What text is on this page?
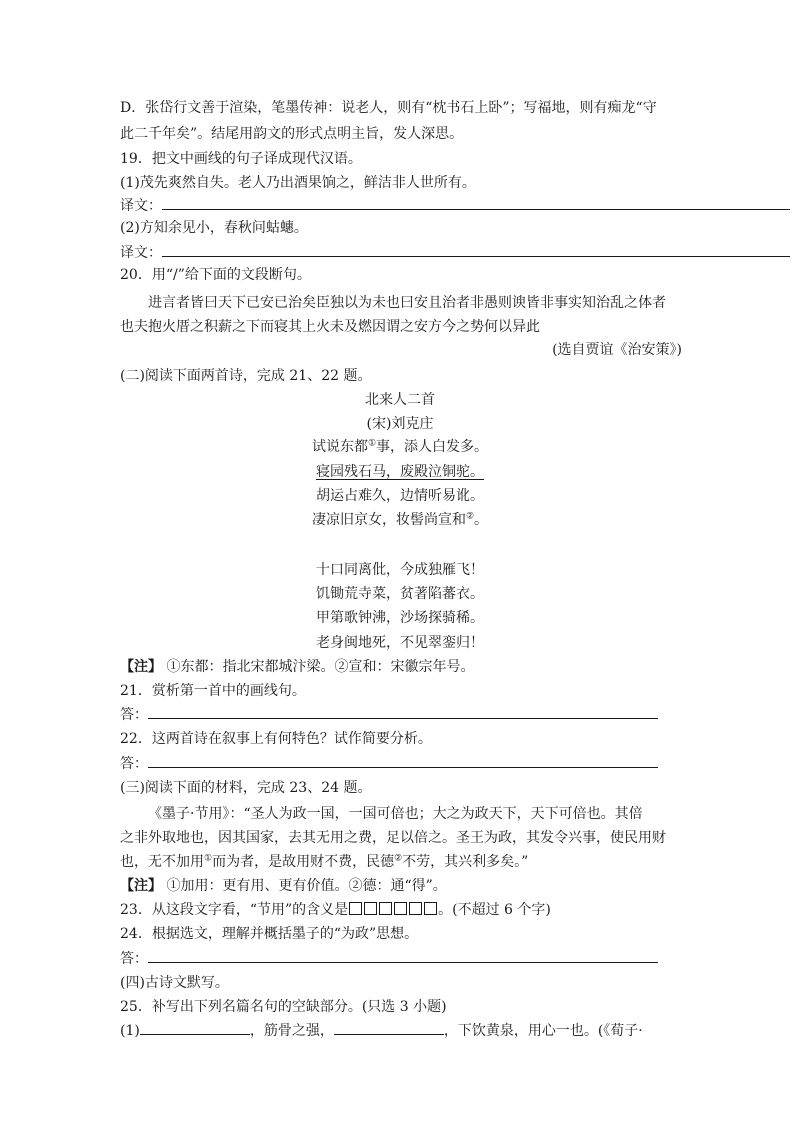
D．张岱行文善于渲染，笔墨传神：说老人，则有“枕书石上卧”；写福地，则有痴龙“守
此二千年矣”。结尾用韵文的形式点明主旨，发人深思。
19．把文中画线的句子译成现代汉语。
(1)茂先爽然自失。老人乃出酒果饷之，鲜洁非人世所有。
译文：
(2)方知余见小，春秋问蛄蟪。
译文：
20．用“/”给下面的文段断句。
进言者皆曰天下已安已治矣臣独以为未也曰安且治者非愚则谀皆非事实知治乱之体者
也夫抱火厝之积薪之下而寝其上火未及燃因谓之安方今之势何以异此
(选自贾谊《治安策》)
(二)阅读下面两首诗，完成 21、22 题。
北来人二首
(宋)刘克庄
试说东都①事，添人白发多。
寝园残石马，废殿泣铜驼。
胡运占难久，边情听易讹。
凄凉旧京女，妆髻尚宣和②。
十口同离仳，今成独雁飞！
饥锄荒寺菜，贫著陷蕃衣。
甲第歌钟沸，沙场探骑稀。
老身闽地死，不见翠銮归！
【注】 ①东都：指北宋都城汴梁。②宣和：宋徽宗年号。
21．赏析第一首中的画线句。
答：
22．这两首诗在叙事上有何特色？试作简要分析。
答：
(三)阅读下面的材料，完成 23、24 题。
《墨子·节用》：“圣人为政一国，一国可倍也；大之为政天下，天下可倍也。其倍
之非外取地也，因其国家，去其无用之费，足以倍之。圣王为政，其发令兴事，使民用财
也，无不加用①而为者，是故用财不费，民德②不劳，其兴利多矣。”
【注】 ①加用：更有用、更有价值。②德：通“得”。
23．从这段文字看，“节用”的含义是	。(不超过 6 个字)
24．根据选文，理解并概括墨子的“为政”思想。
答：
(四)古诗文默写。
25．补写出下列名篇名句的空缺部分。(只选 3 小题)
(1)	，筋骨之强，	，下饮黄泉，用心一也。(《荀子·
